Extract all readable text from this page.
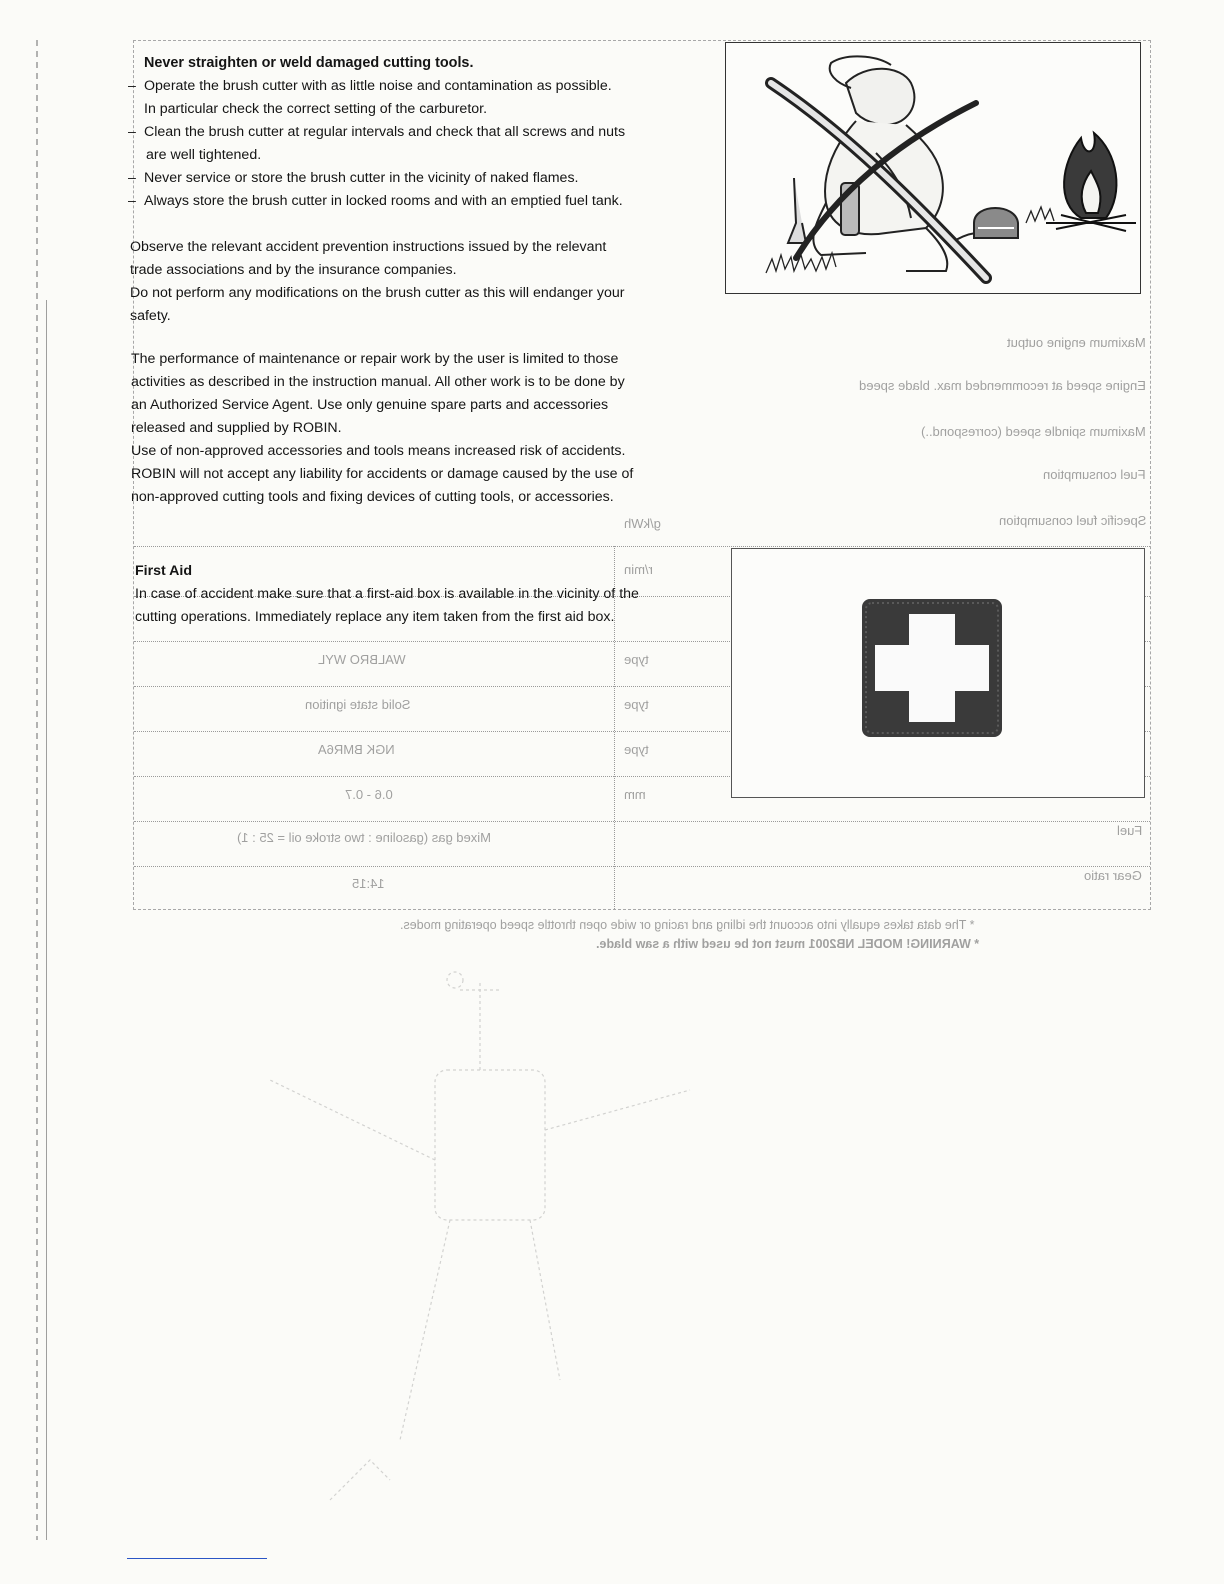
Maximum engine output
Engine speed at recommended max. blade speed
Maximum spindle speed (correspond..)
Fuel consumption
Specific fuel consumption
Fuel
Gear ratio
WALBRO WYL
Solid state ignition
NGK BMR6A
0.6 - 0.7
Mixed gas (gasoline : two stroke oil = 25 : 1)
14:15
g/kWh
r/min
type
type
type
mm
* The data takes equally into account the idling and racing or wide open throttle speed operating modes.
* WARNING! MODEL NB2001 must not be used with a saw blade.
Never straighten or weld damaged cutting tools.
– Operate the brush cutter with as little noise and contamination as possible.
In particular check the correct setting of the carburetor.
– Clean the brush cutter at regular intervals and check that all screws and nuts
are well tightened.
– Never service or store the brush cutter in the vicinity of naked flames.
– Always store the brush cutter in locked rooms and with an emptied fuel tank.
Observe the relevant accident prevention instructions issued by the relevant
trade associations and by the insurance companies.
Do not perform any modifications on the brush cutter as this will endanger your
safety.
The performance of maintenance or repair work by the user is limited to those
activities as described in the instruction manual. All other work is to be done by
an Authorized Service Agent. Use only genuine spare parts and accessories
released and supplied by ROBIN.
Use of non-approved accessories and tools means increased risk of accidents.
ROBIN will not accept any liability for accidents or damage caused by the use of
non-approved cutting tools and fixing devices of cutting tools, or accessories.
First Aid
In case of accident make sure that a first-aid box is available in the vicinity of the
cutting operations. Immediately replace any item taken from the first aid box.
